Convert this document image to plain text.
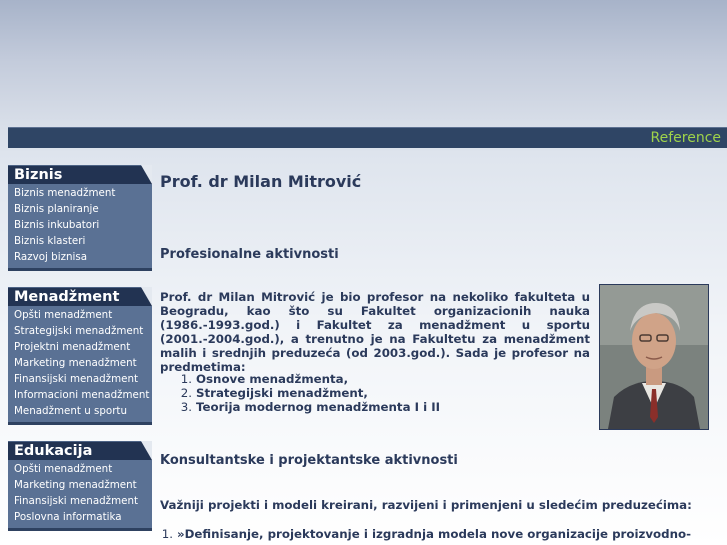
Reference
Biznis
Biznis menadžment
Biznis planiranje
Biznis inkubatori
Biznis klasteri
Razvoj biznisa
Menadžment
Opšti menadžment
Strategijski menadžment
Projektni menadžment
Marketing menadžment
Finansijski menadžment
Informacioni menadžment
Menadžment u sportu
Edukacija
Opšti menadžment
Marketing menadžment
Finansijski menadžment
Poslovna informatika
Prof. dr Milan Mitrović
Profesionalne aktivnosti

Prof. dr Milan Mitrović je bio profesor na nekoliko fakulteta u Beogradu, kao što su Fakultet organizacionih nauka (1986.-1993.god.) i Fakultet za menadžment u sportu (2001.-2004.god.), a trenutno je na Fakultetu za menadžment malih i srednjih preduzeća (od 2003.god.). Sada je profesor na predmetima:

1. Osnove menadžmenta,
2. Strategijski menadžment,
3. Teorija modernog menadžmenta I i II
Konsultantske i projektantske aktivnosti

Važniji projekti i modeli kreirani, razvijeni i primenjeni u sledećim preduzećima:

1. »Definisanje, projektovanje i izgradnja modela nove organizacije proizvodno-
